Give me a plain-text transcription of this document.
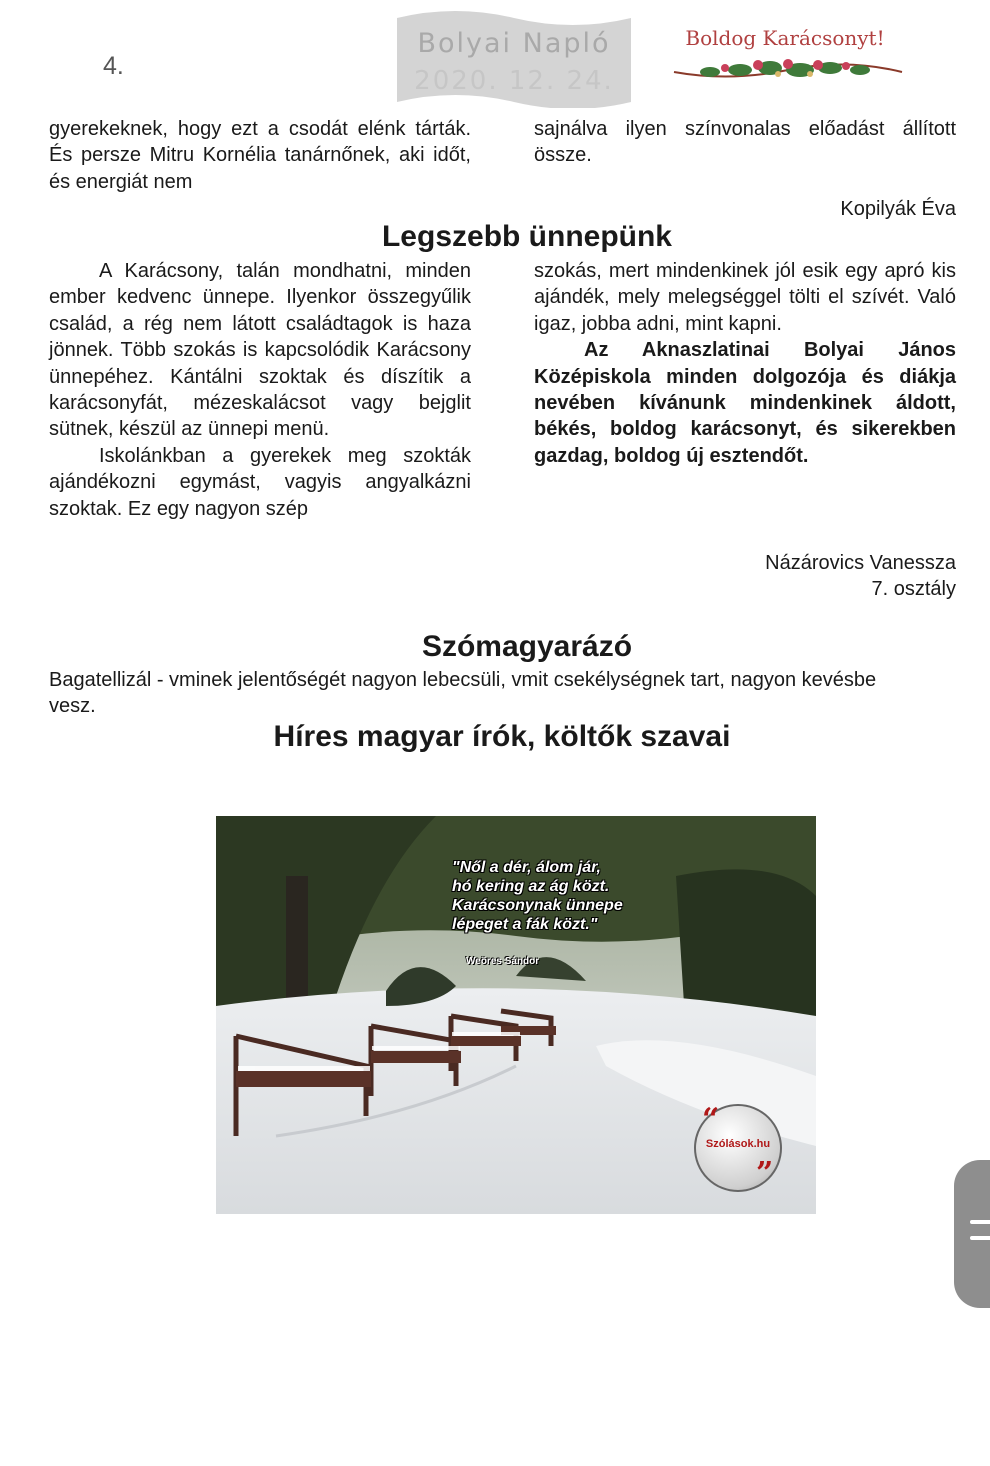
4.
Bolyai Napló
2020. 12. 24.
Boldog Karácsonyt!

gyerekeknek, hogy ezt a csodát elénk tárták. És persze Mitru Kornélia tanárnőnek, aki időt, és energiát nem

sajnálva ilyen színvonalas előadást állított össze.

Kopilyák Éva
Legszebb ünnepünk

A Karácsony, talán mondhatni, minden ember kedvenc ünnepe. Ilyenkor összegyűlik család, a rég nem látott családtagok is haza jönnek. Több szokás is kapcsolódik Karácsony ünnepéhez. Kántálni szoktak és díszítik a karácsonyfát, mézeskalácsot vagy bejglit sütnek, készül az ünnepi menü.

Iskolánkban a gyerekek meg szokták ajándékozni egymást, vagyis angyalkázni szoktak. Ez egy nagyon szép

szokás, mert mindenkinek jól esik egy apró kis ajándék, mely melegséggel tölti el szívét. Való igaz, jobba adni, mint kapni.

Az Aknaszlatinai Bolyai János Középiskola minden dolgozója és diákja nevében kívánunk mindenkinek áldott, békés, boldog karácsonyt, és sikerekben gazdag, boldog új esztendőt.

Názárovics Vanessza
7. osztály
Szómagyarázó
Bagatellizál - vminek jelentőségét nagyon lebecsüli, vmit csekélységnek tart, nagyon kevésbe
vesz.
Híres magyar írók, költők szavai
"Nől a dér, álom jár,
hó kering az ág közt.
Karácsonynak ünnepe
lépeget a fák közt."
Weöres Sándor
“
Szólások.hu
”
